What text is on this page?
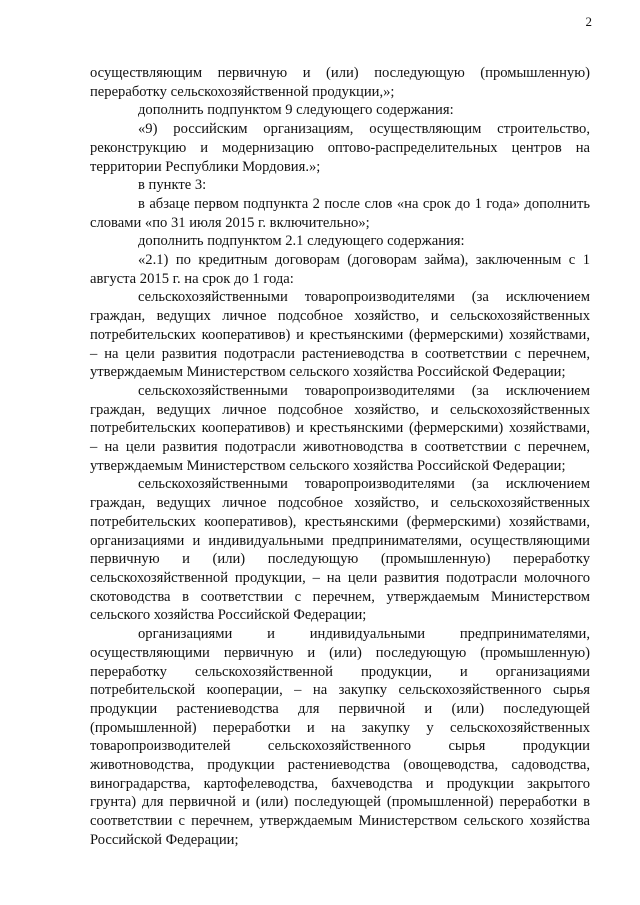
2

осуществляющим первичную и (или) последующую (промышленную) переработку сельскохозяйственной продукции,»;

дополнить подпунктом 9 следующего содержания:

«9) российским организациям, осуществляющим строительство, реконструкцию и модернизацию оптово-распределительных центров на территории Республики Мордовия.»;

в пункте 3:

в абзаце первом подпункта 2 после слов «на срок до 1 года» дополнить словами «по 31 июля 2015 г. включительно»;

дополнить подпунктом 2.1 следующего содержания:

«2.1) по кредитным договорам (договорам займа), заключенным с 1 августа 2015 г. на срок до 1 года:

сельскохозяйственными товаропроизводителями (за исключением граждан, ведущих личное подсобное хозяйство, и сельскохозяйственных потребительских кооперативов) и крестьянскими (фермерскими) хозяйствами, – на цели развития подотрасли растениеводства в соответствии с перечнем, утверждаемым Министерством сельского хозяйства Российской Федерации;

сельскохозяйственными товаропроизводителями (за исключением граждан, ведущих личное подсобное хозяйство, и сельскохозяйственных потребительских кооперативов) и крестьянскими (фермерскими) хозяйствами, – на цели развития подотрасли животноводства в соответствии с перечнем, утверждаемым Министерством сельского хозяйства Российской Федерации;

сельскохозяйственными товаропроизводителями (за исключением граждан, ведущих личное подсобное хозяйство, и сельскохозяйственных потребительских кооперативов), крестьянскими (фермерскими) хозяйствами, организациями и индивидуальными предпринимателями, осуществляющими первичную и (или) последующую (промышленную) переработку сельскохозяйственной продукции, – на цели развития подотрасли молочного скотоводства в соответствии с перечнем, утверждаемым Министерством сельского хозяйства Российской Федерации;

организациями и индивидуальными предпринимателями, осуществляющими первичную и (или) последующую (промышленную) переработку сельскохозяйственной продукции, и организациями потребительской кооперации, – на закупку сельскохозяйственного сырья продукции растениеводства для первичной и (или) последующей (промышленной) переработки и на закупку у сельскохозяйственных товаропроизводителей сельскохозяйственного сырья продукции животноводства, продукции растениеводства (овощеводства, садоводства, виноградарства, картофелеводства, бахчеводства и продукции закрытого грунта) для первичной и (или) последующей (промышленной) переработки в соответствии с перечнем, утверждаемым Министерством сельского хозяйства Российской Федерации;
